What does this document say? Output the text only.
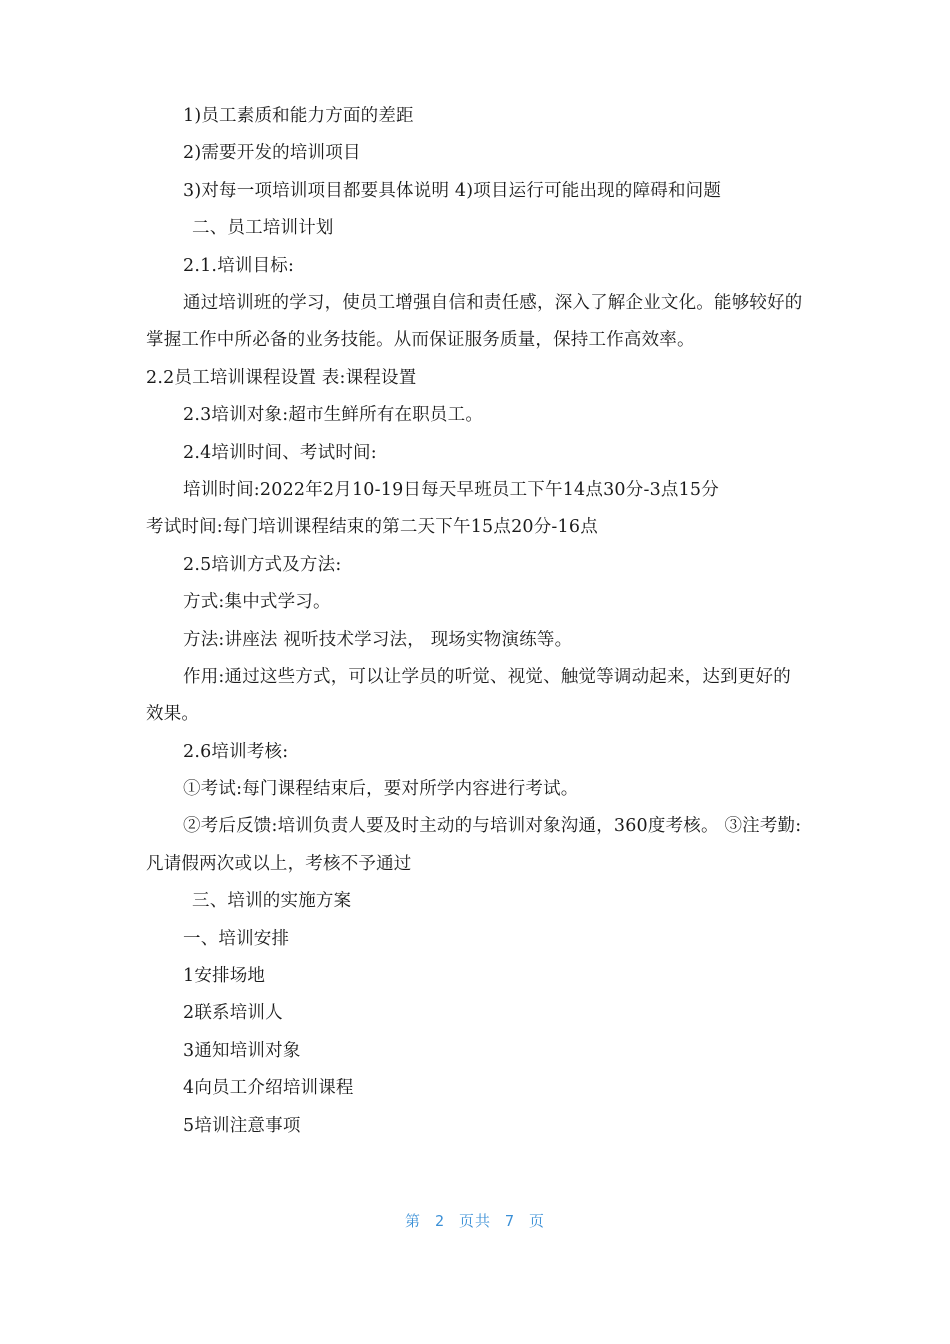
1)员工素质和能力方面的差距
2)需要开发的培训项目
3)对每一项培训项目都要具体说明 4)项目运行可能出现的障碍和问题
二、员工培训计划
2.1.培训目标:
通过培训班的学习，使员工增强自信和责任感，深入了解企业文化。能够较好的掌握工作中所必备的业务技能。从而保证服务质量，保持工作高效率。
2.2员工培训课程设置 表:课程设置
2.3培训对象:超市生鲜所有在职员工。
2.4培训时间、考试时间:
培训时间:2022年2月10-19日每天早班员工下午14点30分-3点15分
考试时间:每门培训课程结束的第二天下午15点20分-16点
2.5培训方式及方法:
方式:集中式学习。
方法:讲座法 视听技术学习法， 现场实物演练等。
作用:通过这些方式，可以让学员的听觉、视觉、触觉等调动起来，达到更好的效果。
2.6培训考核:
①考试:每门课程结束后，要对所学内容进行考试。
②考后反馈:培训负责人要及时主动的与培训对象沟通，360度考核。 ③注考勤:凡请假两次或以上，考核不予通过
三、培训的实施方案
一、培训安排
1安排场地
2联系培训人
3通知培训对象
4向员工介绍培训课程
5培训注意事项
第 2 页共 7 页
